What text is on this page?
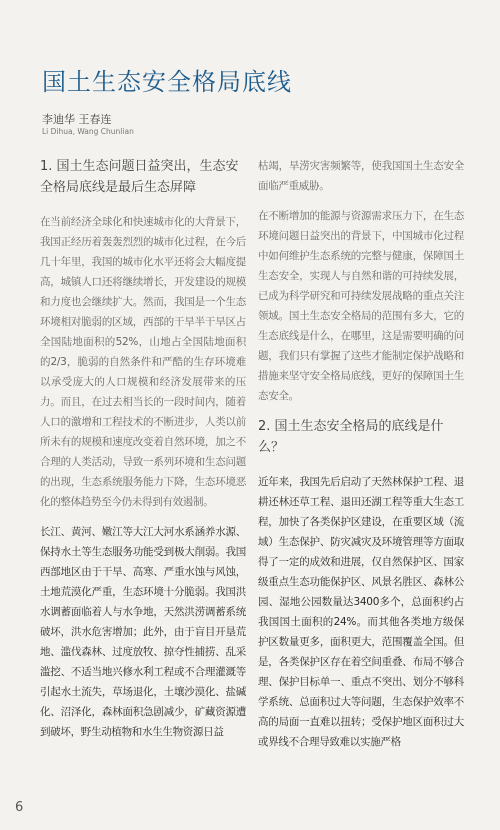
国土生态安全格局底线
李迪华 王春连
Li Dihua, Wang Chunlian
1. 国土生态问题日益突出，生态安全格局底线是最后生态屏障

在当前经济全球化和快速城市化的大背景下，我国正经历着轰轰烈烈的城市化过程，在今后几十年里，我国的城市化水平还将会大幅度提高，城镇人口还将继续增长，开发建设的规模和力度也会继续扩大。然而，我国是一个生态环境相对脆弱的区域，西部的干旱半干旱区占全国陆地面积的52%，山地占全国陆地面积的2/3，脆弱的自然条件和严酷的生存环境难以承受庞大的人口规模和经济发展带来的压力。而且，在过去相当长的一段时间内，随着人口的激增和工程技术的不断进步，人类以前所未有的规模和速度改变着自然环境，加之不合理的人类活动，导致一系列环境和生态问题的出现，生态系统服务能力下降，生态环境恶化的整体趋势至今仍未得到有效遏制。

长江、黄河、嫩江等大江大河水系涵养水源、保持水土等生态服务功能受到极大削弱。我国西部地区由于干旱、高寒、严重水蚀与风蚀，土地荒漠化严重，生态环境十分脆弱。我国洪水调蓄面临着人与水争地，天然洪涝调蓄系统破坏，洪水危害增加；此外，由于盲目开垦荒地、滥伐森林、过度放牧、掠夺性捕捞、乱采滥挖、不适当地兴修水利工程或不合理灌溉等引起水土流失，草场退化，土壤沙漠化、盐碱化、沼泽化，森林面积急剧减少，矿藏资源遭到破坏，野生动植物和水生生物资源日益

枯竭，旱涝灾害频繁等，使我国国土生态安全面临严重威胁。

在不断增加的能源与资源需求压力下，在生态环境问题日益突出的背景下，中国城市化过程中如何维护生态系统的完整与健康，保障国土生态安全，实现人与自然和谐的可持续发展，已成为科学研究和可持续发展战略的重点关注领域。国土生态安全格局的范围有多大，它的生态底线是什么，在哪里，这是需要明确的问题，我们只有掌握了这些才能制定保护战略和措施来坚守安全格局底线，更好的保障国土生态安全。

2. 国土生态安全格局的底线是什么？

近年来，我国先后启动了天然林保护工程、退耕还林还草工程、退田还湖工程等重大生态工程，加快了各类保护区建设，在重要区域（流域）生态保护、防灾减灾及环境管理等方面取得了一定的成效和进展，仅自然保护区、国家级重点生态功能保护区、风景名胜区、森林公园、湿地公园数量达3400多个，总面积约占我国国土面积的24%。而其他各类地方级保护区数量更多，面积更大，范围覆盖全国。但是，各类保护区存在着空间重叠、布局不够合理、保护目标单一、重点不突出、划分不够科学系统、总面积过大等问题，生态保护效率不高的局面一直难以扭转；受保护地区面积过大或界线不合理导致难以实施严格

6
